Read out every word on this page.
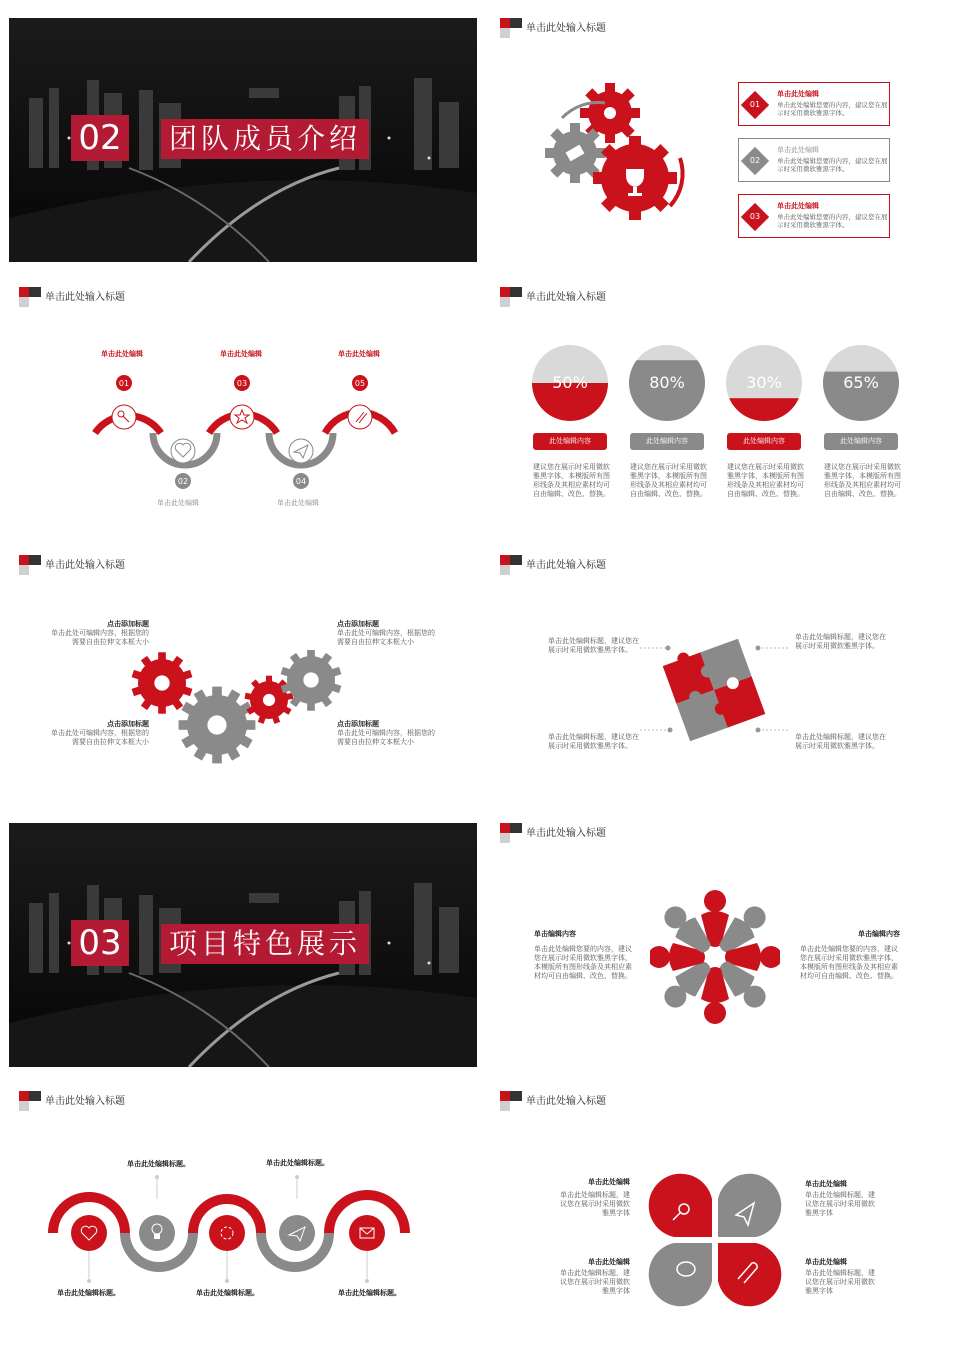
02 团队成员介绍
单击此处输入标题
01
单击此处编辑
单击此处编辑您要的内容，建议您在展示时采用微软雅黑字体。
02
单击此处编辑
单击此处编辑您要的内容，建议您在展示时采用微软雅黑字体。
03
单击此处编辑
单击此处编辑您要的内容，建议您在展示时采用微软雅黑字体。
单击此处输入标题
单击此处编辑	单击此处编辑	单击此处编辑
01	03	05
02	04
单击此处编辑	单击此处编辑
单击此处输入标题
50%	80%	30%	65%
此处编辑内容	此处编辑内容	此处编辑内容	此处编辑内容
建议您在展示时采用微软雅黑字体，本模版所有图形线条及其相应素材均可自由编辑、改色、替换。
建议您在展示时采用微软雅黑字体，本模版所有图形线条及其相应素材均可自由编辑、改色、替换。
建议您在展示时采用微软雅黑字体，本模版所有图形线条及其相应素材均可自由编辑、改色、替换。
建议您在展示时采用微软雅黑字体，本模版所有图形线条及其相应素材均可自由编辑、改色、替换。
单击此处输入标题
点击添加标题
单击此处可编辑内容，根据您的需要自由拉伸文本框大小
点击添加标题
单击此处可编辑内容，根据您的需要自由拉伸文本框大小
点击添加标题
单击此处可编辑内容，根据您的需要自由拉伸文本框大小
点击添加标题
单击此处可编辑内容，根据您的需要自由拉伸文本框大小
单击此处输入标题
单击此处编辑标题，建议您在展示时采用微软雅黑字体。
单击此处编辑标题，建议您在展示时采用微软雅黑字体。
单击此处编辑标题，建议您在展示时采用微软雅黑字体。
单击此处编辑标题，建议您在展示时采用微软雅黑字体。
03 项目特色展示
单击此处输入标题
单击编辑内容
单击此处编辑您要的内容，建议您在展示时采用微软雅黑字体，本模版所有图形线条及其相应素材均可自由编辑、改色、替换。
单击编辑内容
单击此处编辑您要的内容，建议您在展示时采用微软雅黑字体，本模版所有图形线条及其相应素材均可自由编辑、改色、替换。
单击此处输入标题
单击此处编辑标题。	单击此处编辑标题。
单击此处编辑标题。	单击此处编辑标题。	单击此处编辑标题。
单击此处输入标题
单击此处编辑
单击此处编辑标题，建议您在展示时采用微软雅黑字体
单击此处编辑
单击此处编辑标题，建议您在展示时采用微软雅黑字体
单击此处编辑
单击此处编辑标题，建议您在展示时采用微软雅黑字体
单击此处编辑
单击此处编辑标题，建议您在展示时采用微软雅黑字体
